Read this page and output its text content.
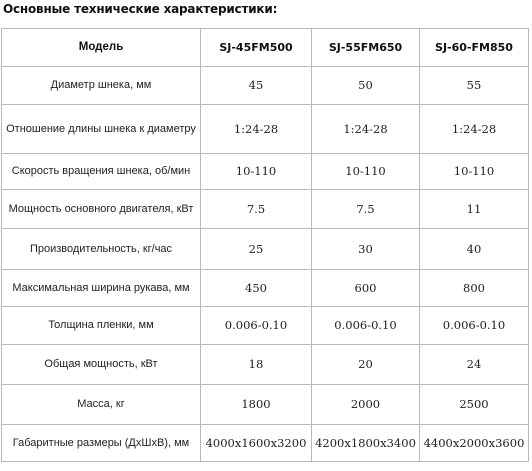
Основные технические характеристики:
Модель	SJ-45FM500	SJ-55FM650	SJ-60-FM850
Диаметр шнека, мм	45	50	55
Отношение длины шнека к диаметру	1:24-28	1:24-28	1:24-28
Скорость вращения шнека, об/мин	10-110	10-110	10-110
Мощность основного двигателя, кВт	7.5	7.5	11
Производительность, кг/час	25	30	40
Максимальная ширина рукава, мм	450	600	800
Толщина пленки, мм	0.006-0.10	0.006-0.10	0.006-0.10
Общая мощность, кВт	18	20	24
Масса, кг	1800	2000	2500
Габаритные размеры (ДхШхВ), мм	4000x1600x3200	4200x1800x3400	4400x2000x3600
